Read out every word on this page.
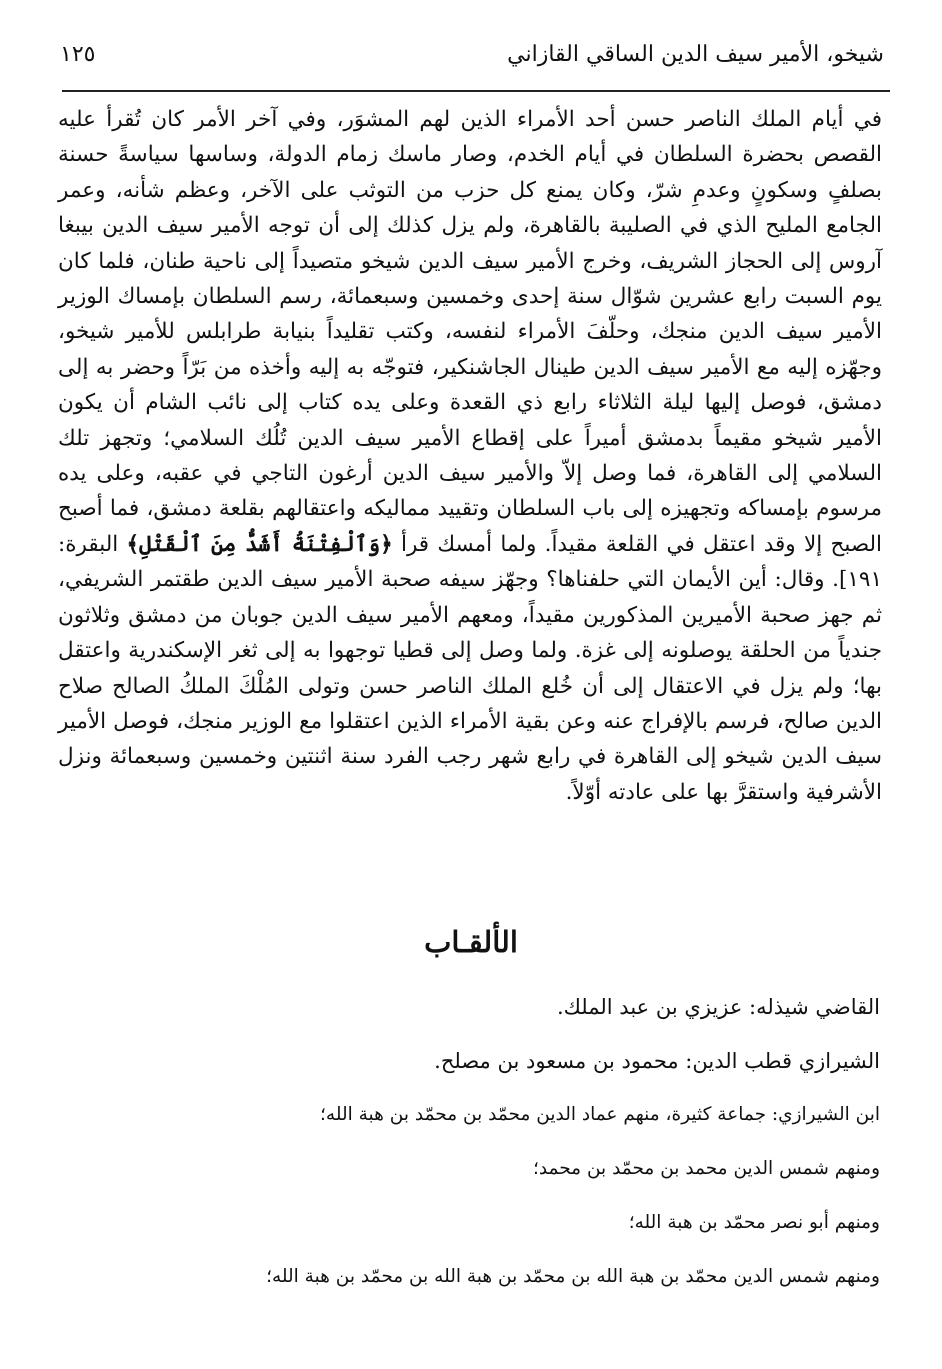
شيخو، الأمير سيف الدين الساقي القازاني
١٢٥

في أيام الملك الناصر حسن أحد الأمراء الذين لهم المشوَر، وفي آخر الأمر كان تُقرأ عليه القصص بحضرة السلطان في أيام الخدم، وصار ماسك زمام الدولة، وساسها سياسةً حسنة بصلفٍ وسكونٍ وعدمِ شرّ، وكان يمنع كل حزب من التوثب على الآخر، وعظم شأنه، وعمر الجامع المليح الذي في الصليبة بالقاهرة، ولم يزل كذلك إلى أن توجه الأمير سيف الدين بيبغا آروس إلى الحجاز الشريف، وخرج الأمير سيف الدين شيخو متصيداً إلى ناحية طنان، فلما كان يوم السبت رابع عشرين شوّال سنة إحدى وخمسين وسبعمائة، رسم السلطان بإمساك الوزير الأمير سيف الدين منجك، وحلّفَ الأمراء لنفسه، وكتب تقليداً بنيابة طرابلس للأمير شيخو، وجهّزه إليه مع الأمير سيف الدين طينال الجاشنكير، فتوجّه به إليه وأخذه من بَرّاً وحضر به إلى دمشق، فوصل إليها ليلة الثلاثاء رابع ذي القعدة وعلى يده كتاب إلى نائب الشام أن يكون الأمير شيخو مقيماً بدمشق أميراً على إقطاع الأمير سيف الدين تُلُك السلامي؛ وتجهز تلك السلامي إلى القاهرة، فما وصل إلاّ والأمير سيف الدين أرغون التاجي في عقبه، وعلى يده مرسوم بإمساكه وتجهيزه إلى باب السلطان وتقييد مماليكه واعتقالهم بقلعة دمشق، فما أصبح الصبح إلا وقد اعتقل في القلعة مقيداً. ولما أمسك قرأ ﴿وَٱلْفِتْنَةُ أَشَدُّ مِنَ ٱلْقَتْلِ﴾ البقرة: ١٩١]. وقال: أين الأيمان التي حلفناها؟ وجهّز سيفه صحبة الأمير سيف الدين طقتمر الشريفي، ثم جهز صحبة الأميرين المذكورين مقيداً، ومعهم الأمير سيف الدين جوبان من دمشق وثلاثون جندياً من الحلقة يوصلونه إلى غزة. ولما وصل إلى قطيا توجهوا به إلى ثغر الإسكندرية واعتقل بها؛ ولم يزل في الاعتقال إلى أن خُلع الملك الناصر حسن وتولى المُلْكَ الملكُ الصالح صلاح الدين صالح، فرسم بالإفراج عنه وعن بقية الأمراء الذين اعتقلوا مع الوزير منجك، فوصل الأمير سيف الدين شيخو إلى القاهرة في رابع شهر رجب الفرد سنة اثنتين وخمسين وسبعمائة ونزل الأشرفية واستقرَّ بها على عادته أوّلاً.

الألقـاب
القاضي شيذله: عزيزي بن عبد الملك.
الشيرازي قطب الدين: محمود بن مسعود بن مصلح.
ابن الشيرازي: جماعة كثيرة، منهم عماد الدين محمّد بن محمّد بن هبة الله؛
ومنهم شمس الدين محمد بن محمّد بن محمد؛
ومنهم أبو نصر محمّد بن هبة الله؛
ومنهم شمس الدين محمّد بن هبة الله بن محمّد بن هبة الله بن محمّد بن هبة الله؛
